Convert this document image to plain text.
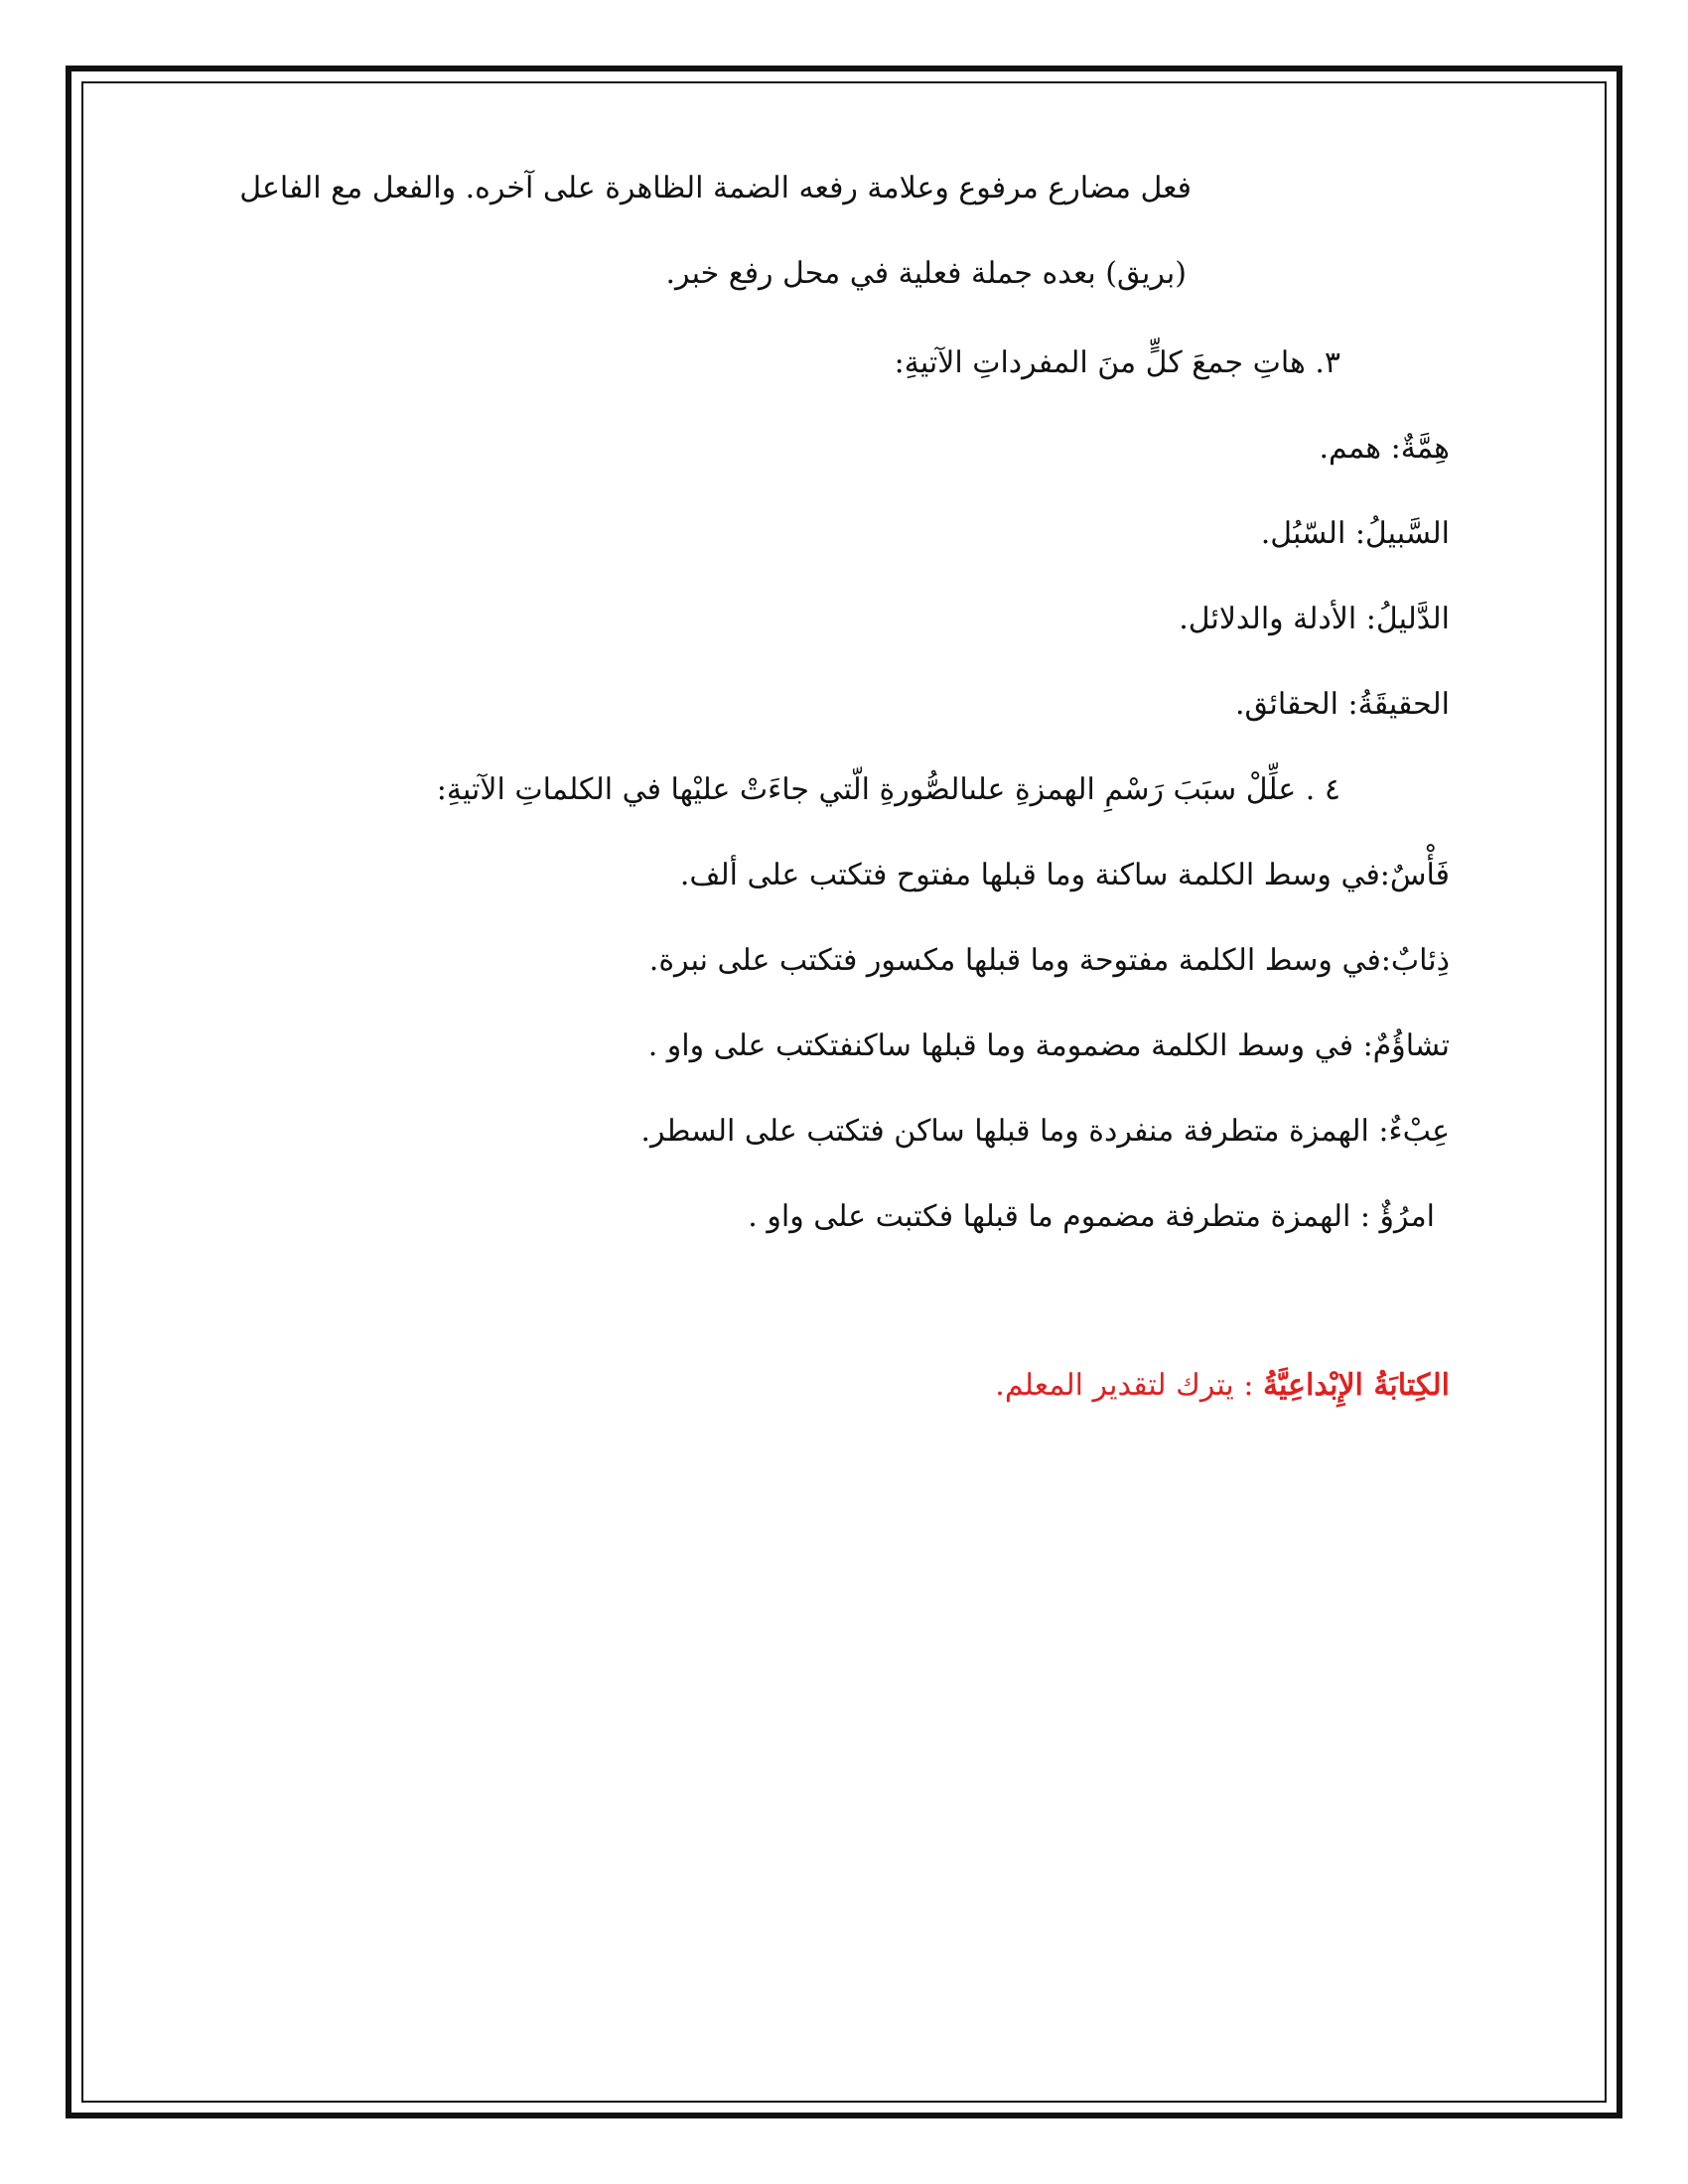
فعل مضارع مرفوع وعلامة رفعه الضمة الظاهرة على آخره. والفعل مع الفاعل
(بريق) بعده جملة فعلية في محل رفع خبر.
٣. هاتِ جمعَ كلٍّ منَ المفرداتِ الآتيةِ:
هِمَّةٌ: همم.
السَّبيلُ: السّبُل.
الدَّليلُ: الأدلة والدلائل.
الحقيقَةُ: الحقائق.
٤ . علِّلْ سبَبَ رَسْمِ الهمزةِ علىالصُّورةِ الّتي جاءَتْ عليْها في الكلماتِ الآتيةِ:
فَأْسٌ:في وسط الكلمة ساكنة وما قبلها مفتوح فتكتب على ألف.
ذِئابٌ:في وسط الكلمة مفتوحة وما قبلها مكسور فتكتب على نبرة.
تشاؤُمٌ: في وسط الكلمة مضمومة وما قبلها ساكنفتكتب على واو .
عِبْءٌ: الهمزة متطرفة منفردة وما قبلها ساكن فتكتب على السطر.
امرُؤٌ : الهمزة متطرفة مضموم ما قبلها فكتبت على واو .
الكِتابَةُ الإِبْداعِيَّةُ : يترك لتقدير المعلم.
